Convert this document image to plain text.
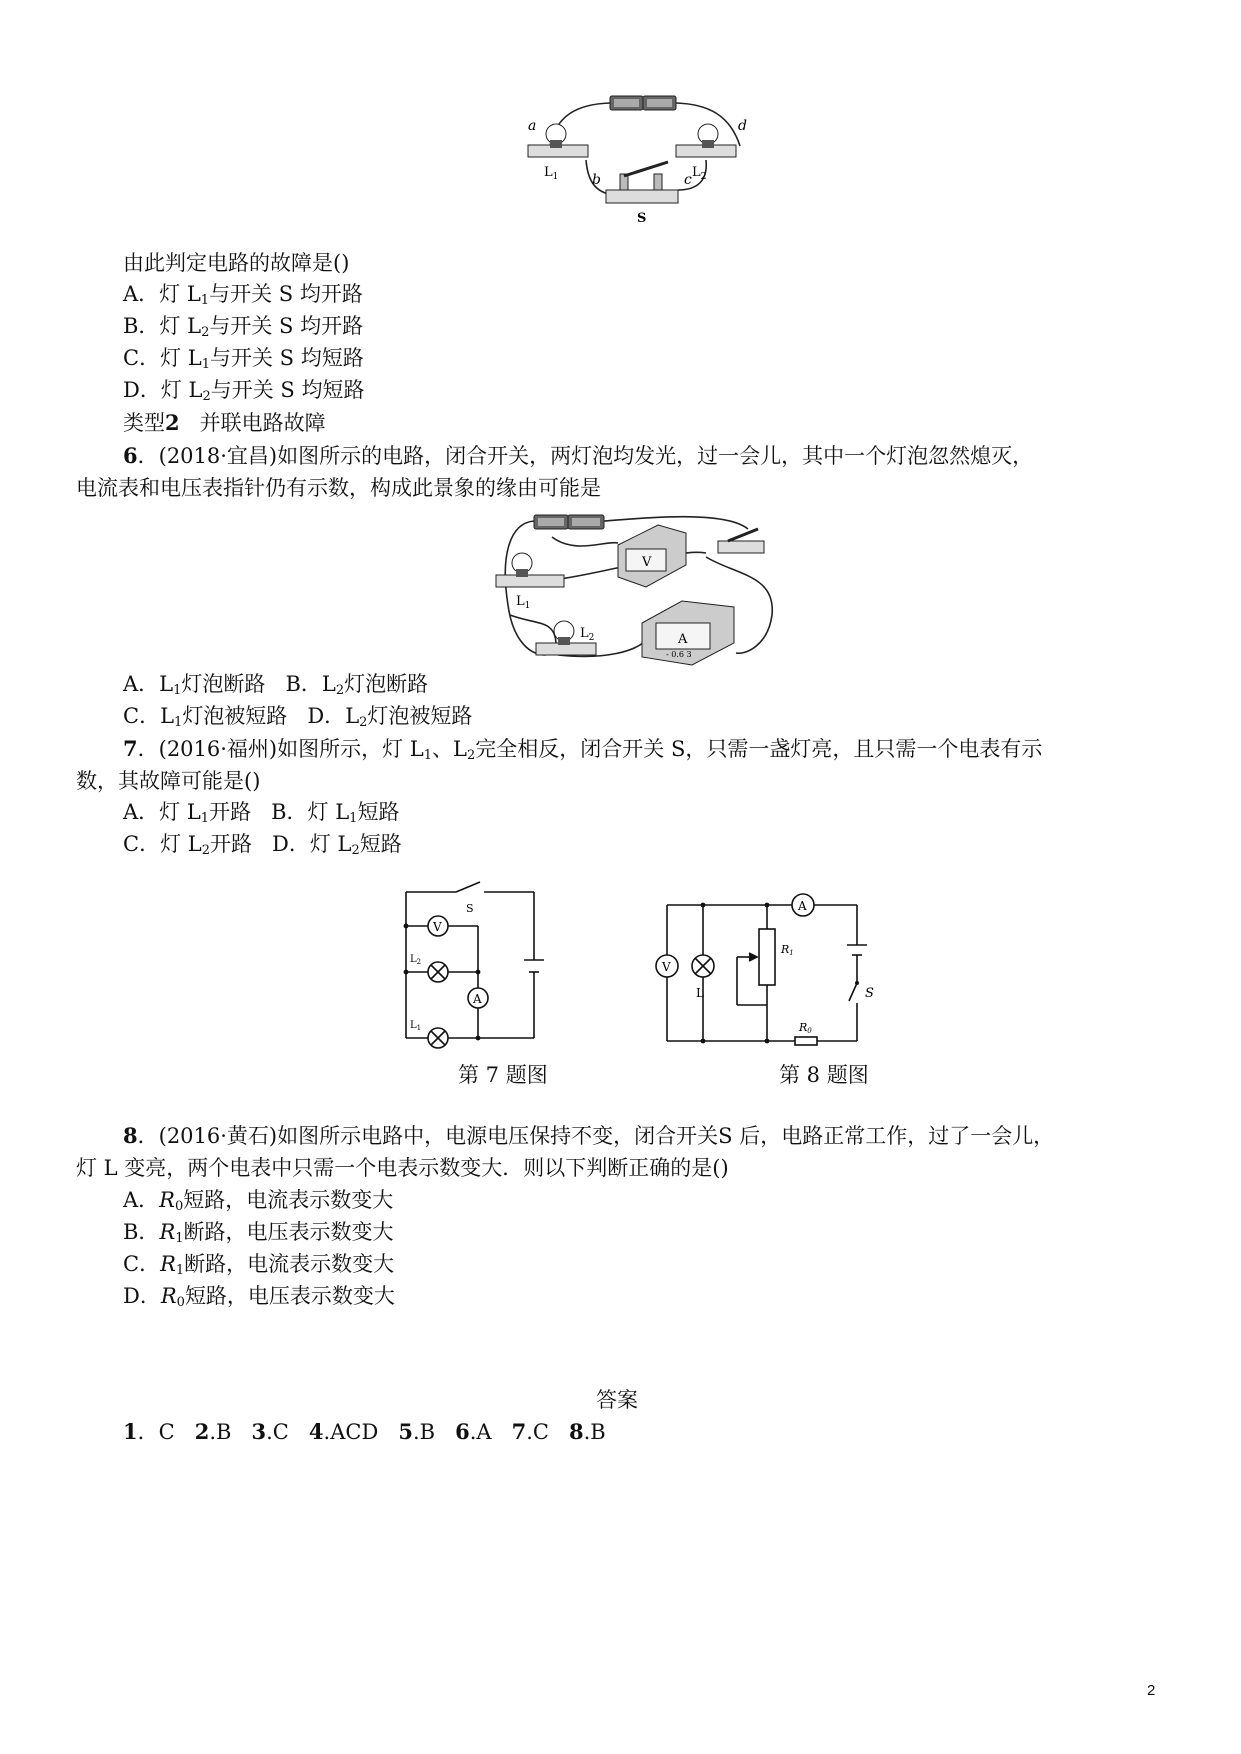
a
b	c
d
$L_1$	$L_2$
S
由此判定电路的故障是()
A．灯 $L_1$与开关 S 均开路
B．灯 $L_2$与开关 S 均开路
C．灯 $L_1$与开关 S 均短路
D．灯 $L_2$与开关 S 均短路
类型2 并联电路故障
6．(2018·宜昌)如图所示的电路，闭合开关，两灯泡均发光，过一会儿，其中一个灯泡忽然熄灭，
电流表和电压表指针仍有示数，构成此景象的缘由可能是
V
$L_1$
$L_2$	A
- 0.6 3
A．$L_1$灯泡断路 B．$L_2$灯泡断路
C．$L_1$灯泡被短路 D．$L_2$灯泡被短路
7．(2016·福州)如图所示，灯 $L_1$、$L_2$完全相反，闭合开关 S，只需一盏灯亮，且只需一个电表有示
数，其故障可能是()
A．灯 $L_1$开路 B．灯 $L_1$短路
C．灯 $L_2$开路 D．灯 $L_2$短路
S
V
A
$L_2$
$L_1$
第 7 题图
A
V
L
R1
R0
S
第 8 题图
8．(2016·黄石)如图所示电路中，电源电压保持不变，闭合开关S 后，电路正常工作，过了一会儿，
灯 L 变亮，两个电表中只需一个电表示数变大．则以下判断正确的是()
A．$R_0$短路，电流表示数变大
B．$R_1$断路，电压表示数变大
C．$R_1$断路，电流表示数变大
D．$R_0$短路，电压表示数变大
答案
1．C 2.B 3.C 4.ACD 5.B 6.A 7.C 8.B
2
